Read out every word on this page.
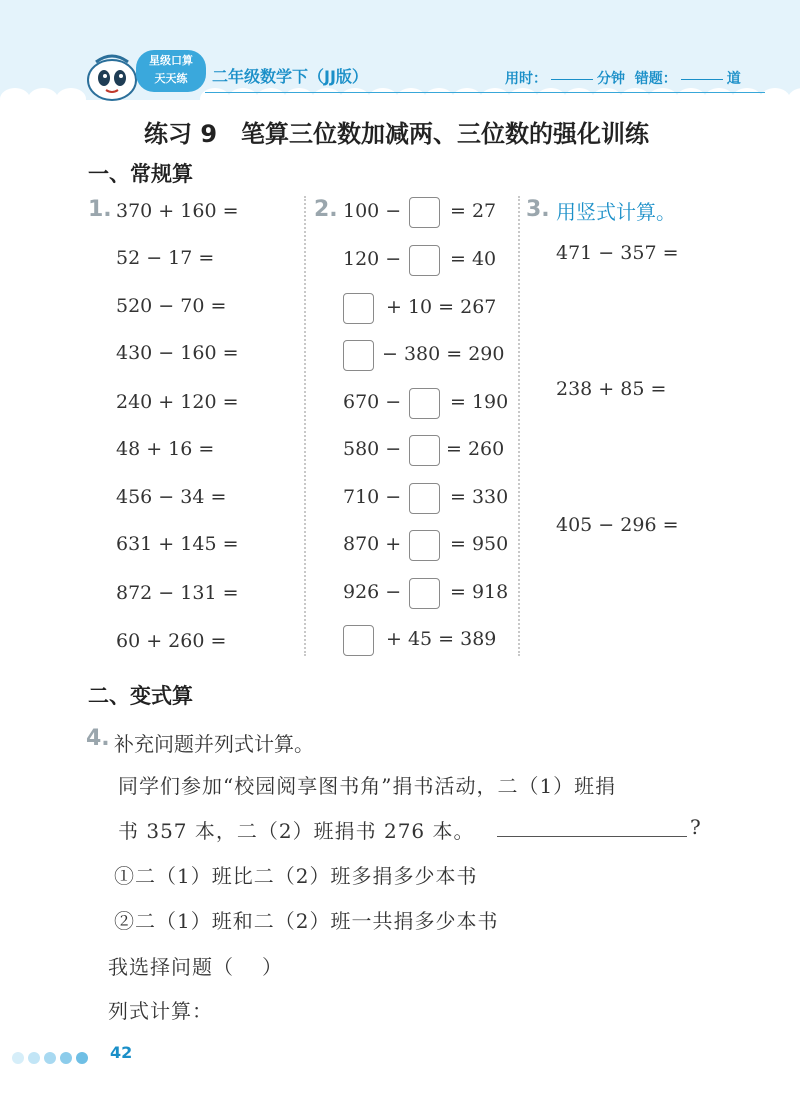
星级口算
天天练	二年级数学下（JJ版）	用时：	分钟 错题：	道
练习 9　笔算三位数加减两、三位数的强化训练
一、常规算
1. 370 + 160 =
52 − 17 =
520 − 70 =
430 − 160 =
240 + 120 =
48 + 16 =
456 − 34 =
631 + 145 =
872 − 131 =
60 + 260 =
2. 100 −	= 27
120 −	= 40
+ 10 = 267
− 380 = 290
670 −	= 190
580 − = 260
710 −	= 330
870 +	= 950
926 −	= 918
+ 45 = 389
3. 用竖式计算。
471 − 357 =
238 + 85 =
405 − 296 =
二、变式算
4. 补充问题并列式计算。
同学们参加“校园阅享图书角”捐书活动，二（1）班捐
书 357 本，二（2）班捐书 276 本。	?
①二（1）班比二（2）班多捐多少本书
②二（1）班和二（2）班一共捐多少本书
我选择问题（ ）
列式计算：
42
